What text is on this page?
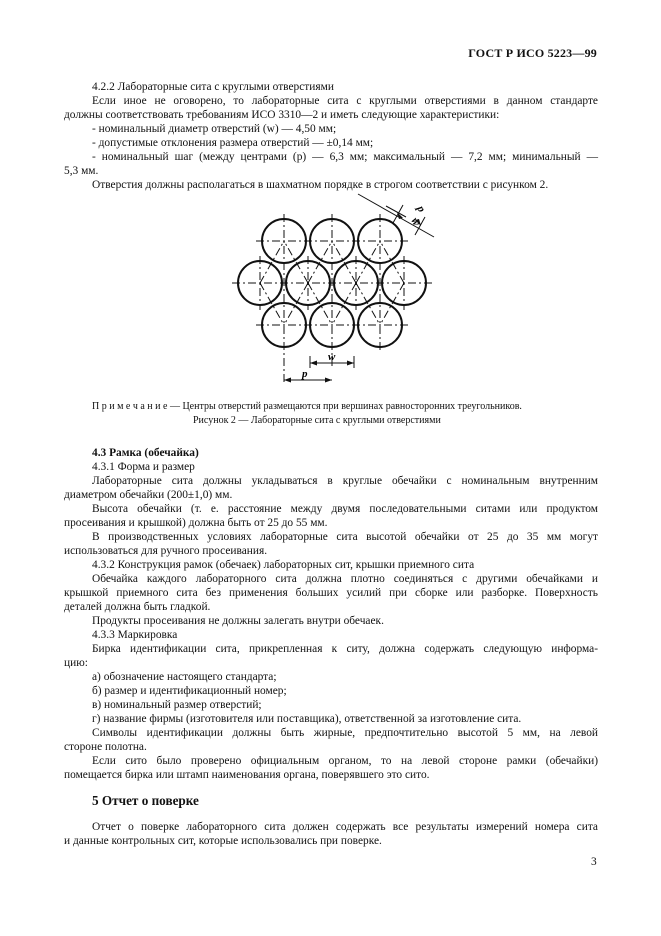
ГОСТ Р ИСО 5223—99
4.2.2 Лабораторные сита с круглыми отверстиями
Если иное не оговорено, то лабораторные сита с круглыми отверстиями в данном стандарте
должны соответствовать требованиям ИСО 3310—2 и иметь следующие характеристики:
- номинальный диаметр отверстий (w) — 4,50 мм;
- допустимые отклонения размера отверстий — ±0,14 мм;
- номинальный шаг (между центрами (p) — 6,3 мм; максимальный — 7,2 мм; минимальный —
5,3 мм.
Отверстия должны располагаться в шахматном порядке в строгом соответствии с рисунком 2.
w
p
w
p
П р и м е ч а н и е — Центры отверстий размещаются при вершинах равносторонних треугольников.
Рисунок 2 — Лабораторные сита с круглыми отверстиями
4.3 Рамка (обечайка)
4.3.1 Форма и размер
Лабораторные сита должны укладываться в круглые обечайки с номинальным внутренним
диаметром обечайки (200±1,0) мм.
Высота обечайки (т. е. расстояние между двумя последовательными ситами или продуктом
просеивания и крышкой) должна быть от 25 до 55 мм.
В производственных условиях лабораторные сита высотой обечайки от 25 до 35 мм могут
использоваться для ручного просеивания.
4.3.2 Конструкция рамок (обечаек) лабораторных сит, крышки приемного сита
Обечайка каждого лабораторного сита должна плотно соединяться с другими обечайками и
крышкой приемного сита без применения больших усилий при сборке или разборке. Поверхность
деталей должна быть гладкой.
Продукты просеивания не должны залегать внутри обечаек.
4.3.3 Маркировка
Бирка идентификации сита, прикрепленная к ситу, должна содержать следующую информа-
цию:
а) обозначение настоящего стандарта;
б) размер и идентификационный номер;
в) номинальный размер отверстий;
г) название фирмы (изготовителя или поставщика), ответственной за изготовление сита.
Символы идентификации должны быть жирные, предпочтительно высотой 5 мм, на левой
стороне полотна.
Если сито было проверено официальным органом, то на левой стороне рамки (обечайки)
помещается бирка или штамп наименования органа, поверявшего это сито.
5 Отчет о поверке
Отчет о поверке лабораторного сита должен содержать все результаты измерений номера сита
и данные контрольных сит, которые использовались при поверке.
3
